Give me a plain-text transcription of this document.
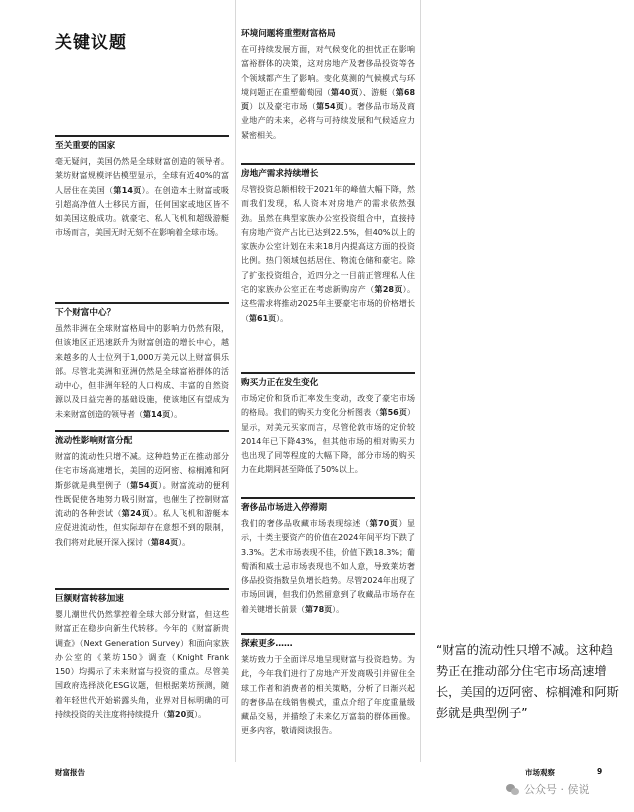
关键议题
至关重要的国家
毫无疑问，美国仍然是全球财富创造的领导者。莱坊财富规模评估模型显示，全球有近40%的富人居住在美国（第14页）。在创造本土财富或吸引超高净值人士移民方面，任何国家或地区皆不如美国这般成功。就豪宅、私人飞机和超级游艇市场而言，美国无时无刻不在影响着全球市场。
下个财富中心？
虽然非洲在全球财富格局中的影响力仍然有限，但该地区正迅速跃升为财富创造的增长中心，越来越多的人士位列于1,000万美元以上财富俱乐部。尽管北美洲和亚洲仍然是全球富裕群体的活动中心，但非洲年轻的人口构成、丰富的自然资源以及日益完善的基础设施，使该地区有望成为未来财富创造的领导者（第14页）。
流动性影响财富分配
财富的流动性只增不减。这种趋势正在推动部分住宅市场高速增长，美国的迈阿密、棕榈滩和阿斯彭就是典型例子（第54页）。财富流动的便利性既促使各地努力吸引财富，也催生了控制财富流动的各种尝试（第24页）。私人飞机和游艇本应促进流动性，但实际却存在意想不到的限制，我们将对此展开深入探讨（第84页）。
巨额财富转移加速
婴儿潮世代仍然掌控着全球大部分财富，但这些财富正在稳步向新生代转移。今年的《财富新贵调查》（Next Generation Survey）和面向家族办公室的《莱坊150》调查（Knight Frank 150）均揭示了未来财富与投资的重点。尽管美国政府选择淡化ESG议题，但根据莱坊预测，随着年轻世代开始崭露头角，业界对目标明确的可持续投资的关注度将持续提升（第20页）。
环境问题将重塑财富格局
在可持续发展方面，对气候变化的担忧正在影响富裕群体的决策，这对房地产及奢侈品投资等各个领域都产生了影响。变化莫测的气候模式与环境问题正在重塑葡萄园（第40页）、游艇（第68页）以及豪宅市场（第54页）。奢侈品市场及商业地产的未来，必将与可持续发展和气候适应力紧密相关。
房地产需求持续增长
尽管投资总额相较于2021年的峰值大幅下降，然而我们发现，私人资本对房地产的需求依然强劲。虽然在典型家族办公室投资组合中，直接持有房地产资产占比已达到22.5%，但40%以上的家族办公室计划在未来18月内提高这方面的投资比例。热门领域包括居住、物流仓储和豪宅。除了扩张投资组合，近四分之一目前正管理私人住宅的家族办公室正在考虑新购房产（第28页）。这些需求将推动2025年主要豪宅市场的价格增长（第61页）。
购买力正在发生变化
市场定价和货币汇率发生变动，改变了豪宅市场的格局。我们的购买力变化分析图表（第56页）显示，对美元买家而言，尽管伦敦市场的定价较2014年已下降43%，但其他市场的相对购买力也出现了同等程度的大幅下降，部分市场的购买力在此期间甚至降低了50%以上。
奢侈品市场进入停滞期
我们的奢侈品收藏市场表现综述（第70页）显示，十类主要资产的价值在2024年间平均下跌了3.3%。艺术市场表现不佳，价值下跌18.3%；葡萄酒和威士忌市场表现也不如人意，导致莱坊奢侈品投资指数呈负增长趋势。尽管2024年出现了市场回调，但我们仍然留意到了收藏品市场存在着关键增长前景（第78页）。
探索更多……
莱坊致力于全面详尽地呈现财富与投资趋势。为此，今年我们进行了房地产开发商吸引并留住全球工作者和消费者的相关策略，分析了日渐兴起的奢侈品在线销售模式，重点介绍了年度重量级藏品交易，并描绘了未来亿万富翁的群体画像。更多内容，敬请阅读报告。
“财富的流动性只增不减。这种趋势正在推动部分住宅市场高速增长，美国的迈阿密、棕榈滩和阿斯彭就是典型例子”
财富报告	市场观察	9
公众号 · 侯说
